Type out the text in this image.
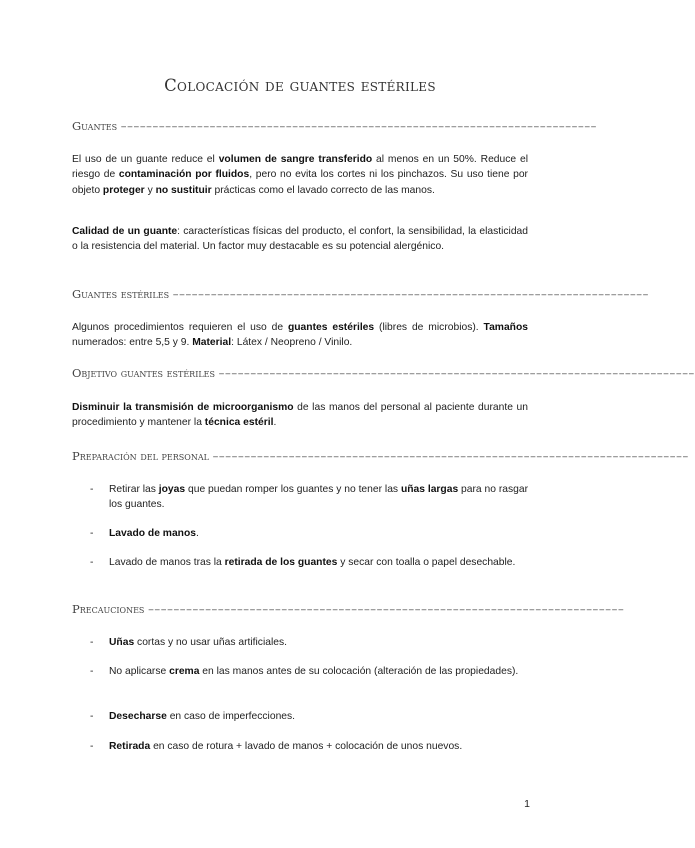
Colocación de guantes estériles
Guantes –––––––––––––––––––––––––––––––––––––––––––––––––––––––––––––––––––––––––––

El uso de un guante reduce el volumen de sangre transferido al menos en un 50%. Reduce el riesgo de contaminación por fluidos, pero no evita los cortes ni los pinchazos. Su uso tiene por objeto proteger y no sustituir prácticas como el lavado correcto de las manos.

Calidad de un guante: características físicas del producto, el confort, la sensibilidad, la elasticidad o la resistencia del material. Un factor muy destacable es su potencial alergénico.

Guantes estériles –––––––––––––––––––––––––––––––––––––––––––––––––––––––––––––––––––––––––––

Algunos procedimientos requieren el uso de guantes estériles (libres de microbios). Tamaños numerados: entre 5,5 y 9. Material: Látex / Neopreno / Vinilo.

Objetivo guantes estériles –––––––––––––––––––––––––––––––––––––––––––––––––––––––––––––––––––––––––––

Disminuir la transmisión de microorganismo de las manos del personal al paciente durante un procedimiento y mantener la técnica estéril.

Preparación del personal –––––––––––––––––––––––––––––––––––––––––––––––––––––––––––––––––––––––––––
-	Retirar las joyas que puedan romper los guantes y no tener las uñas largas para no rasgar los guantes.
-	Lavado de manos.
-	Lavado de manos tras la retirada de los guantes y secar con toalla o papel desechable.
Precauciones –––––––––––––––––––––––––––––––––––––––––––––––––––––––––––––––––––––––––––
-	Uñas cortas y no usar uñas artificiales.
-	No aplicarse crema en las manos antes de su colocación (alteración de las propiedades).
-	Desecharse en caso de imperfecciones.
-	Retirada en caso de rotura + lavado de manos + colocación de unos nuevos.
1
